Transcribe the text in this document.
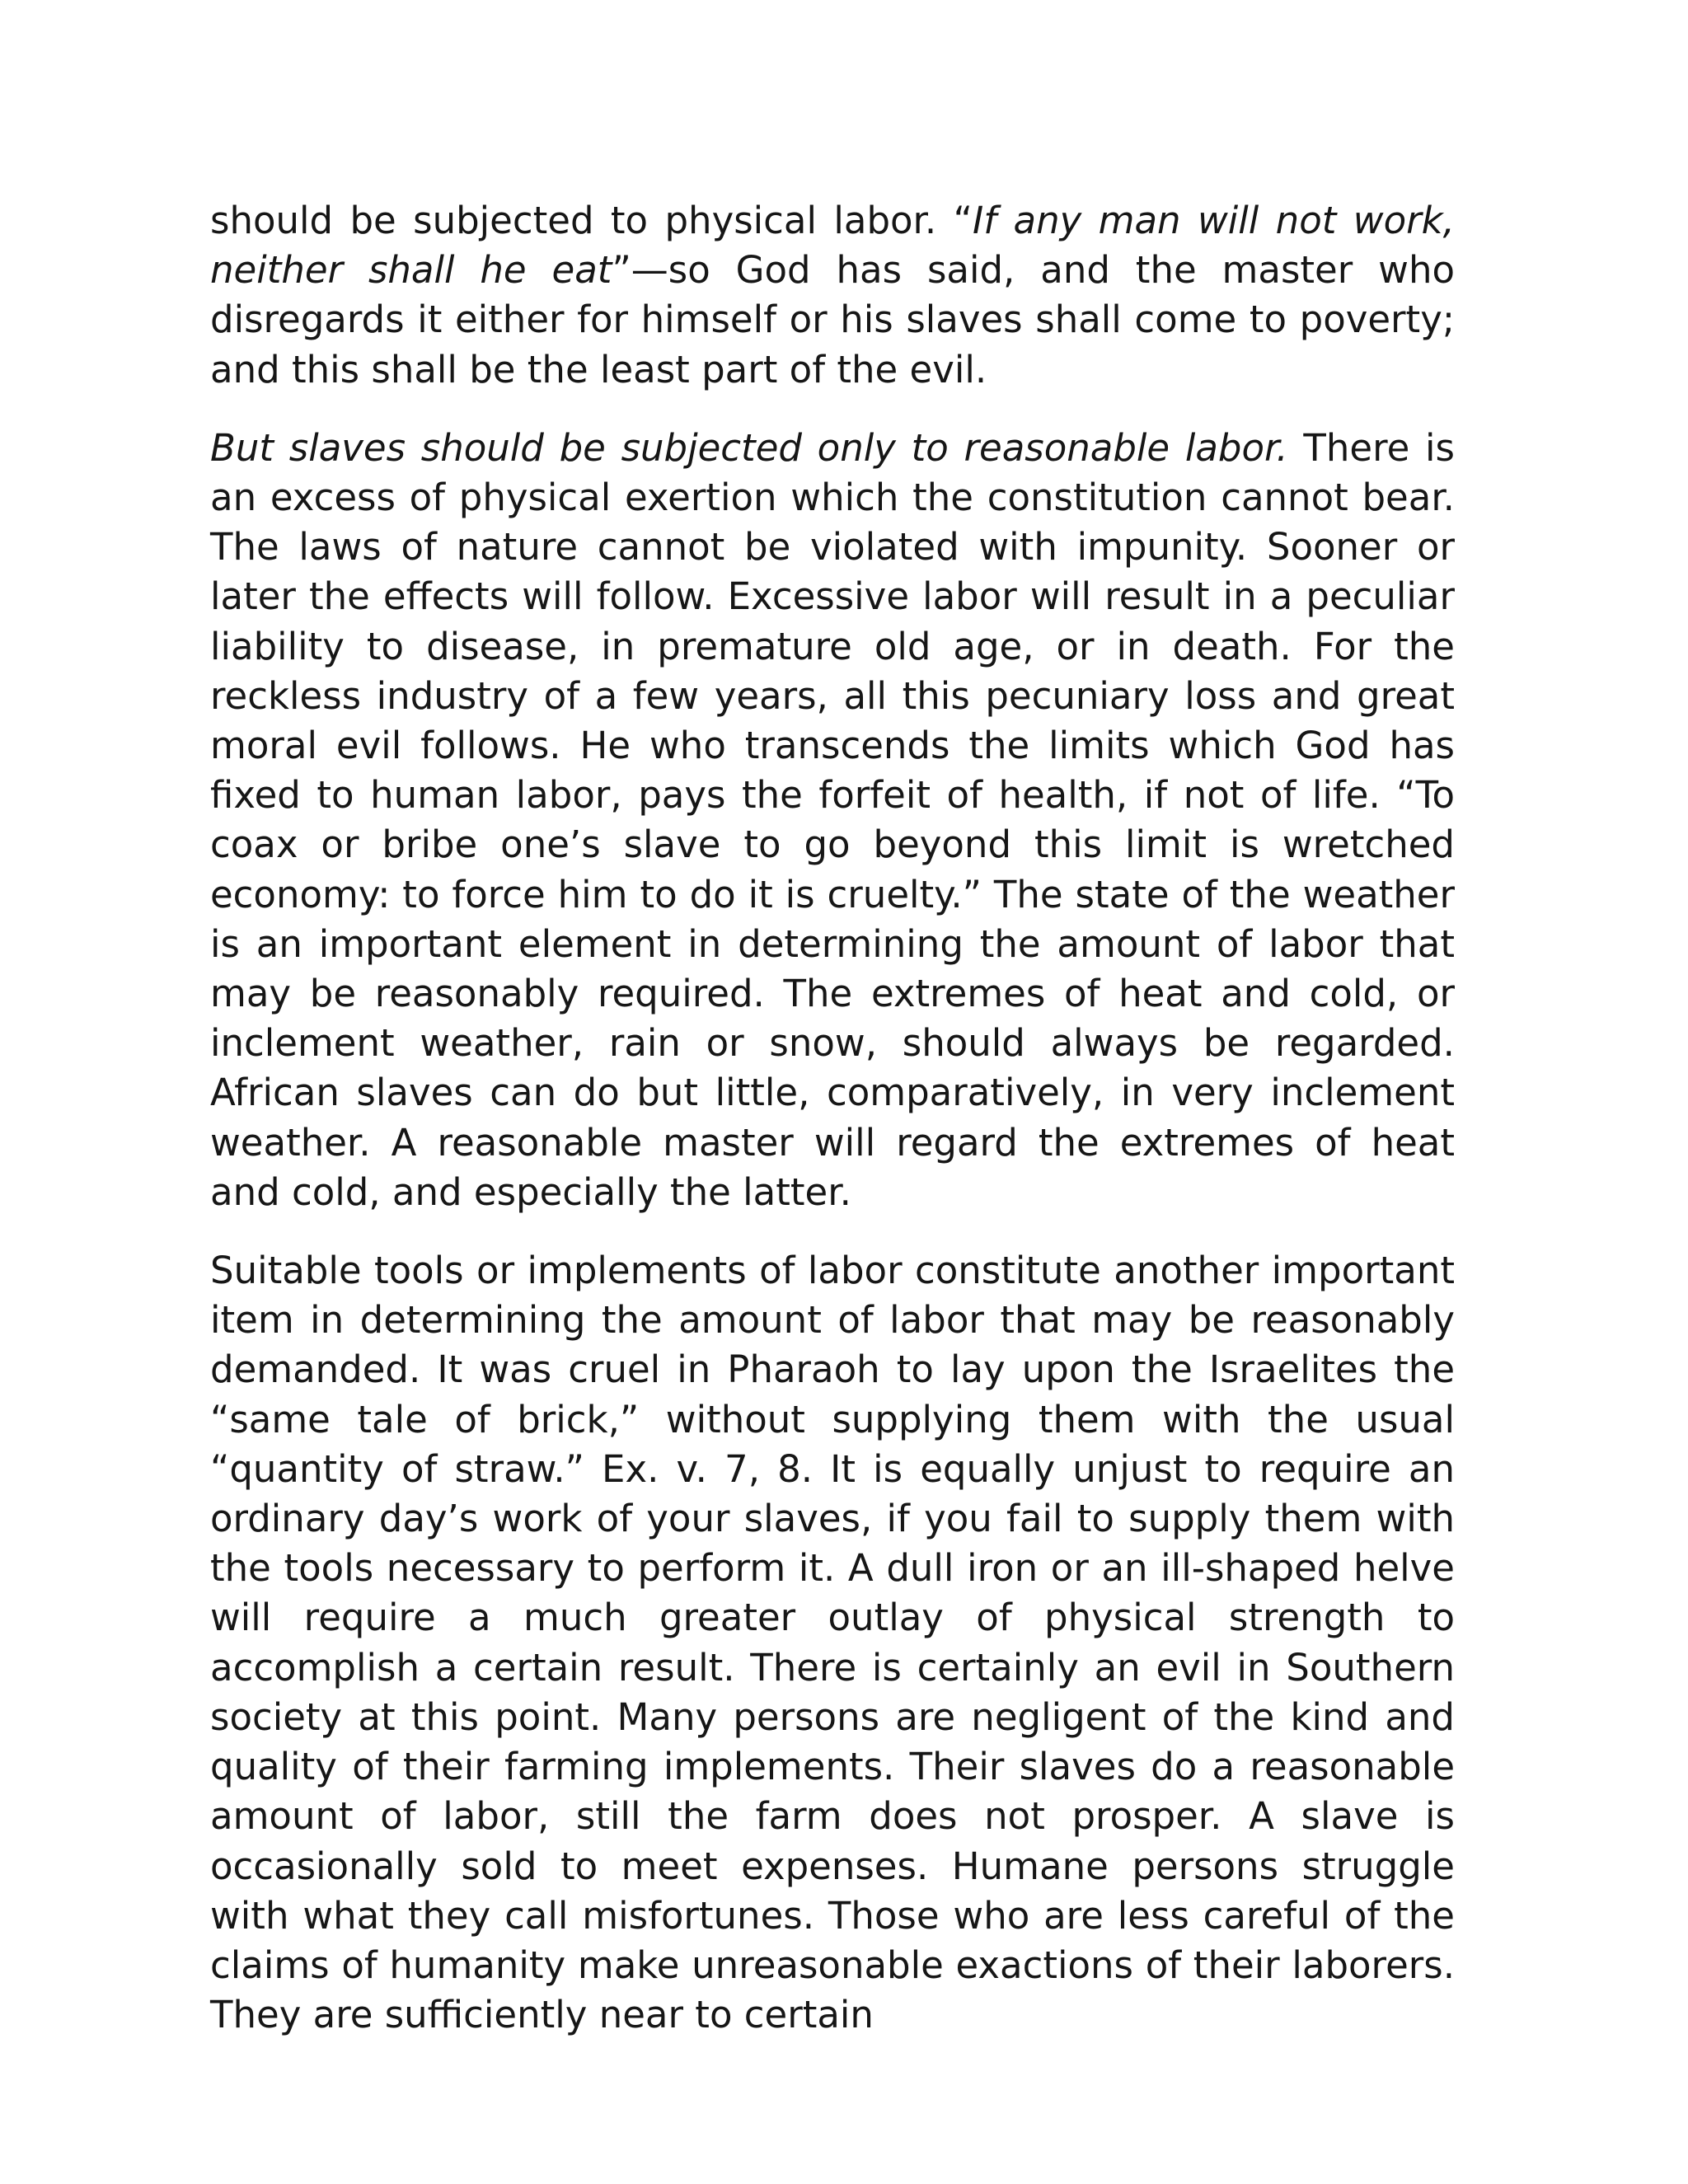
should be subjected to physical labor. “If any man will not work, neither shall he eat”—so God has said, and the master who disregards it either for himself or his slaves shall come to poverty; and this shall be the least part of the evil.

But slaves should be subjected only to reasonable labor. There is an excess of physical exertion which the constitution cannot bear. The laws of nature cannot be violated with impunity. Sooner or later the effects will follow. Excessive labor will result in a peculiar liability to disease, in premature old age, or in death. For the reckless industry of a few years, all this pecuniary loss and great moral evil follows. He who transcends the limits which God has fixed to human labor, pays the forfeit of health, if not of life. “To coax or bribe one’s slave to go beyond this limit is wretched economy: to force him to do it is cruelty.” The state of the weather is an important element in determining the amount of labor that may be reasonably required. The extremes of heat and cold, or inclement weather, rain or snow, should always be regarded. African slaves can do but little, comparatively, in very inclement weather. A reasonable master will regard the extremes of heat and cold, and especially the latter.

Suitable tools or implements of labor constitute another important item in determining the amount of labor that may be reasonably demanded. It was cruel in Pharaoh to lay upon the Israelites the “same tale of brick,” without supplying them with the usual “quantity of straw.” Ex. v. 7, 8. It is equally unjust to require an ordinary day’s work of your slaves, if you fail to supply them with the tools necessary to perform it. A dull iron or an ill-shaped helve will require a much greater outlay of physical strength to accomplish a certain result. There is certainly an evil in Southern society at this point. Many persons are negligent of the kind and quality of their farming implements. Their slaves do a reasonable amount of labor, still the farm does not prosper. A slave is occasionally sold to meet expenses. Humane persons struggle with what they call misfortunes. Those who are less careful of the claims of humanity make unreasonable exactions of their laborers. They are sufficiently near to certain
